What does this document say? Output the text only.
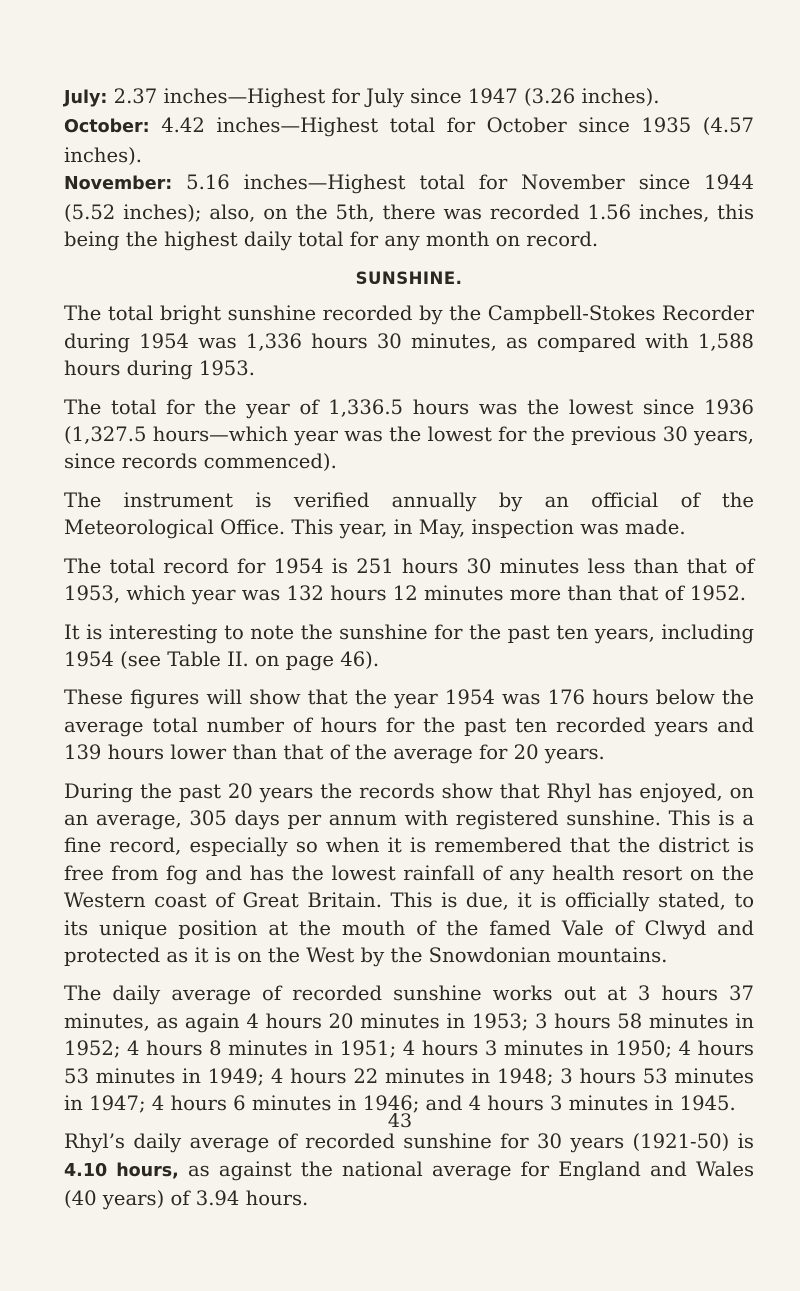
July: 2.37 inches—Highest for July since 1947 (3.26 inches).

October: 4.42 inches—Highest total for October since 1935 (4.57 inches).

November: 5.16 inches—Highest total for November since 1944 (5.52 inches); also, on the 5th, there was recorded 1.56 inches, this being the highest daily total for any month on record.

SUNSHINE.

The total bright sunshine recorded by the Campbell-Stokes Recorder during 1954 was 1,336 hours 30 minutes, as compared with 1,588 hours during 1953.

The total for the year of 1,336.5 hours was the lowest since 1936 (1,327.5 hours—which year was the lowest for the previous 30 years, since records commenced).

The instrument is verified annually by an official of the Meteorological Office. This year, in May, inspection was made.

The total record for 1954 is 251 hours 30 minutes less than that of 1953, which year was 132 hours 12 minutes more than that of 1952.

It is interesting to note the sunshine for the past ten years, including 1954 (see Table II. on page 46).

These figures will show that the year 1954 was 176 hours below the average total number of hours for the past ten recorded years and 139 hours lower than that of the average for 20 years.

During the past 20 years the records show that Rhyl has enjoyed, on an average, 305 days per annum with registered sunshine. This is a fine record, especially so when it is remembered that the district is free from fog and has the lowest rainfall of any health resort on the Western coast of Great Britain. This is due, it is officially stated, to its unique position at the mouth of the famed Vale of Clwyd and protected as it is on the West by the Snowdonian mountains.

The daily average of recorded sunshine works out at 3 hours 37 minutes, as again 4 hours 20 minutes in 1953; 3 hours 58 minutes in 1952; 4 hours 8 minutes in 1951; 4 hours 3 minutes in 1950; 4 hours 53 minutes in 1949; 4 hours 22 minutes in 1948; 3 hours 53 minutes in 1947; 4 hours 6 minutes in 1946; and 4 hours 3 minutes in 1945.

Rhyl’s daily average of recorded sunshine for 30 years (1921-50) is 4.10 hours, as against the national average for England and Wales (40 years) of 3.94 hours.

43
